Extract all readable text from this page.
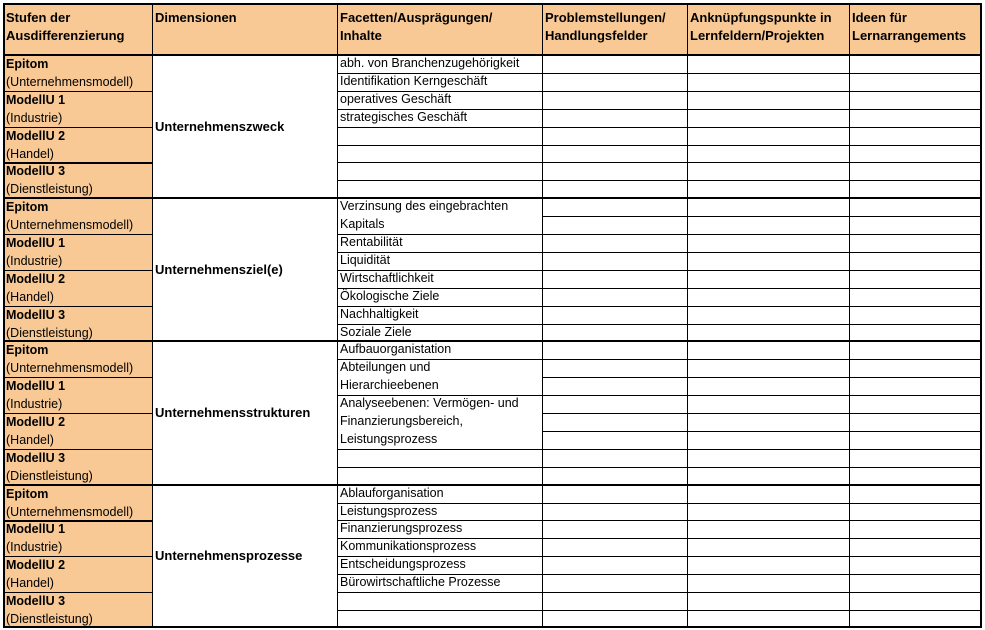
Stufen der
Ausdifferenzierung
Dimensionen	Facetten/Ausprägungen/
Inhalte
Problemstellungen/
Handlungsfelder
Anknüpfungspunkte in
Lernfeldern/Projekten
Ideen für
Lernarrangements
Epitom
(Unternehmensmodell)
ModellU 1
(Industrie)
ModellU 2
(Handel)
ModellU 3
(Dienstleistung)
Unternehmenszweck
abh. von Branchenzugehörigkeit
Identifikation Kerngeschäft
operatives Geschäft
strategisches Geschäft
Epitom
(Unternehmensmodell)
ModellU 1
(Industrie)
ModellU 2
(Handel)
ModellU 3
(Dienstleistung)
Unternehmensziel(e)
Verzinsung des eingebrachten
Kapitals
Rentabilität
Liquidität
Wirtschaftlichkeit
Ökologische Ziele
Nachhaltigkeit
Soziale Ziele
Epitom
(Unternehmensmodell)
ModellU 1
(Industrie)
ModellU 2
(Handel)
ModellU 3
(Dienstleistung)
Unternehmensstrukturen
Aufbauorganistation
Abteilungen und
Hierarchieebenen
Analyseebenen: Vermögen- und
Finanzierungsbereich,
Leistungsprozess
Epitom
(Unternehmensmodell)
ModellU 1
(Industrie)
ModellU 2
(Handel)
ModellU 3
(Dienstleistung)
Unternehmensprozesse
Ablauforganisation
Leistungsprozess
Finanzierungsprozess
Kommunikationsprozess
Entscheidungsprozess
Bürowirtschaftliche Prozesse
